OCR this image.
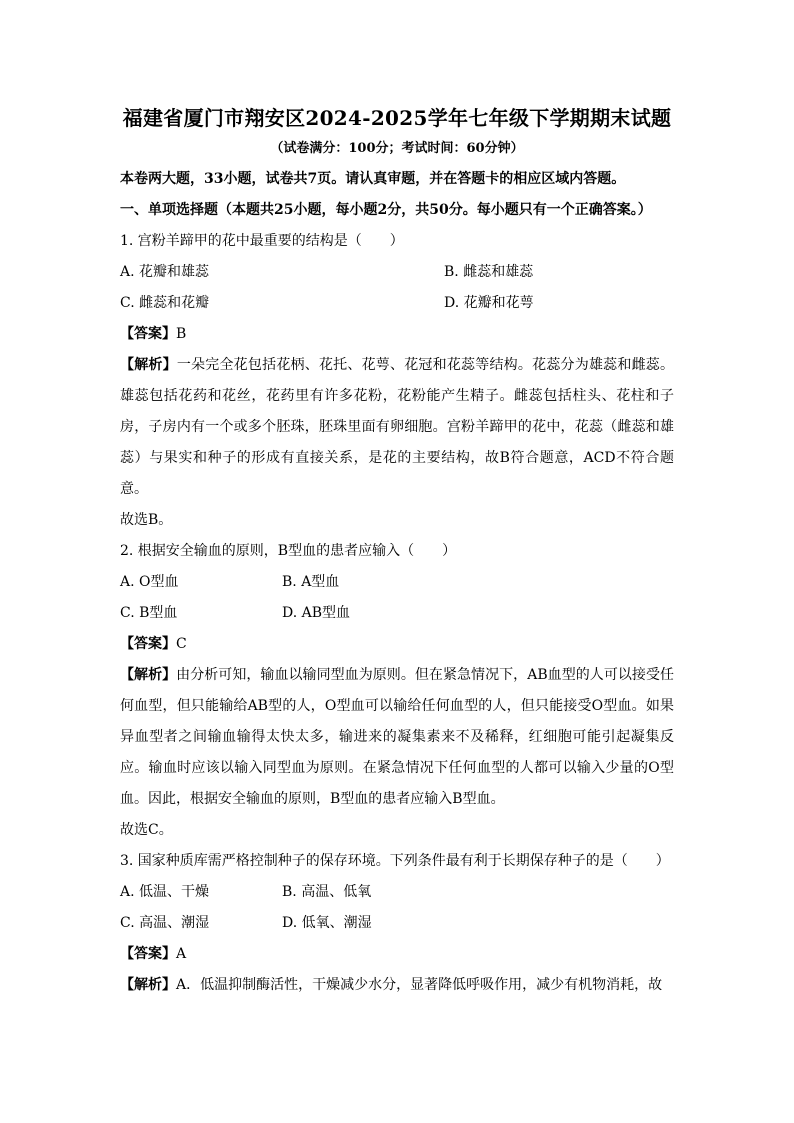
福建省厦门市翔安区2024-2025学年七年级下学期期末试题
（试卷满分：100分；考试时间：60分钟）
本卷两大题，33小题，试卷共7页。请认真审题，并在答题卡的相应区域内答题。
一、单项选择题（本题共25小题，每小题2分，共50分。每小题只有一个正确答案。）
1. 宫粉羊蹄甲的花中最重要的结构是（　　）
A. 花瓣和雄蕊	B. 雌蕊和雄蕊
C. 雌蕊和花瓣	D. 花瓣和花萼
【答案】B
【解析】一朵完全花包括花柄、花托、花萼、花冠和花蕊等结构。花蕊分为雄蕊和雌蕊。雄蕊包括花药和花丝，花药里有许多花粉，花粉能产生精子。雌蕊包括柱头、花柱和子房，子房内有一个或多个胚珠，胚珠里面有卵细胞。宫粉羊蹄甲的花中，花蕊（雌蕊和雄蕊）与果实和种子的形成有直接关系，是花的主要结构，故B符合题意，ACD不符合题意。
故选B。
2. 根据安全输血的原则，B型血的患者应输入（　　）
A. O型血	B. A型血
C. B型血	D. AB型血
【答案】C
【解析】由分析可知，输血以输同型血为原则。但在紧急情况下，AB血型的人可以接受任何血型，但只能输给AB型的人，O型血可以输给任何血型的人，但只能接受O型血。如果异血型者之间输血输得太快太多，输进来的凝集素来不及稀释，红细胞可能引起凝集反应。输血时应该以输入同型血为原则。在紧急情况下任何血型的人都可以输入少量的O型血。因此，根据安全输血的原则，B型血的患者应输入B型血。
故选C。
3. 国家种质库需严格控制种子的保存环境。下列条件最有利于长期保存种子的是（　　）
A. 低温、干燥	B. 高温、低氧
C. 高温、潮湿	D. 低氧、潮湿
【答案】A
【解析】A．低温抑制酶活性，干燥减少水分，显著降低呼吸作用，减少有机物消耗，故
